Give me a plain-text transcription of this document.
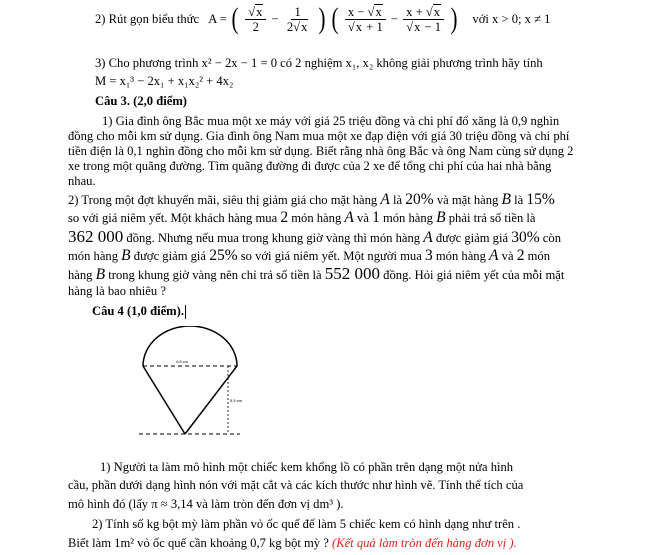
2) Rút gọn biểu thức A = ( $\frac{√x}{2} - \frac{1}{2√x}$ ) ( $\frac{x - √x}{√x + 1} - \frac{x + √x}{√x - 1}$ ) với x > 0; x ≠ 1
3) Cho phương trình x² − 2x − 1 = 0 có 2 nghiệm x₁, x₂ không giải phương trình hãy tính
M = x₁³ − 2x₁ + x₁x₂² + 4x₂
Câu 3. (2,0 điểm)
1) Gia đình ông Bắc mua một xe máy với giá 25 triệu đồng và chi phí đổ xăng là 0,9 nghìn
đồng cho mỗi km sử dụng. Gia đình ông Nam mua một xe đạp điện với giá 30 triệu đồng và chi phí
tiền điện là 0,1 nghìn đồng cho mỗi km sử dụng. Biết rằng nhà ông Bắc và ông Nam cùng sử dụng 2
xe trong một quãng đường. Tìm quãng đường đi được của 2 xe để tổng chi phí của hai nhà bằng
nhau.
2) Trong một đợt khuyến mãi, siêu thị giảm giá cho mặt hàng A là 20% và mặt hàng B là 15%
so với giá niêm yết. Một khách hàng mua 2 món hàng A và 1 món hàng B phải trả số tiền là
362 000 đồng. Nhưng nếu mua trong khung giờ vàng thì món hàng A được giảm giá 30% còn
món hàng B được giảm giá 25% so với giá niêm yết. Một người mua 3 món hàng A và 2 món
hàng B trong khung giờ vàng nên chỉ trả số tiền là 552 000 đồng. Hỏi giá niêm yết của mỗi mặt
hàng là bao nhiêu ?
Câu 4 (1,0 điểm).
4,8 cm
5,5 cm
1) Người ta làm mô hình một chiếc kem khổng lồ có phần trên dạng một nửa hình
cầu, phần dưới dạng hình nón với mặt cắt và các kích thước như hình vẽ. Tính thể tích của
mô hình đó (lấy π ≈ 3,14 và làm tròn đến đơn vị dm³ ).
2) Tính số kg bột mỳ làm phần vỏ ốc quế để làm 5 chiếc kem có hình dạng như trên .
Biết làm 1m² vỏ ốc quế cần khoảng 0,7 kg bột mỳ ? (Kết quả làm tròn đến hàng đơn vị ).
